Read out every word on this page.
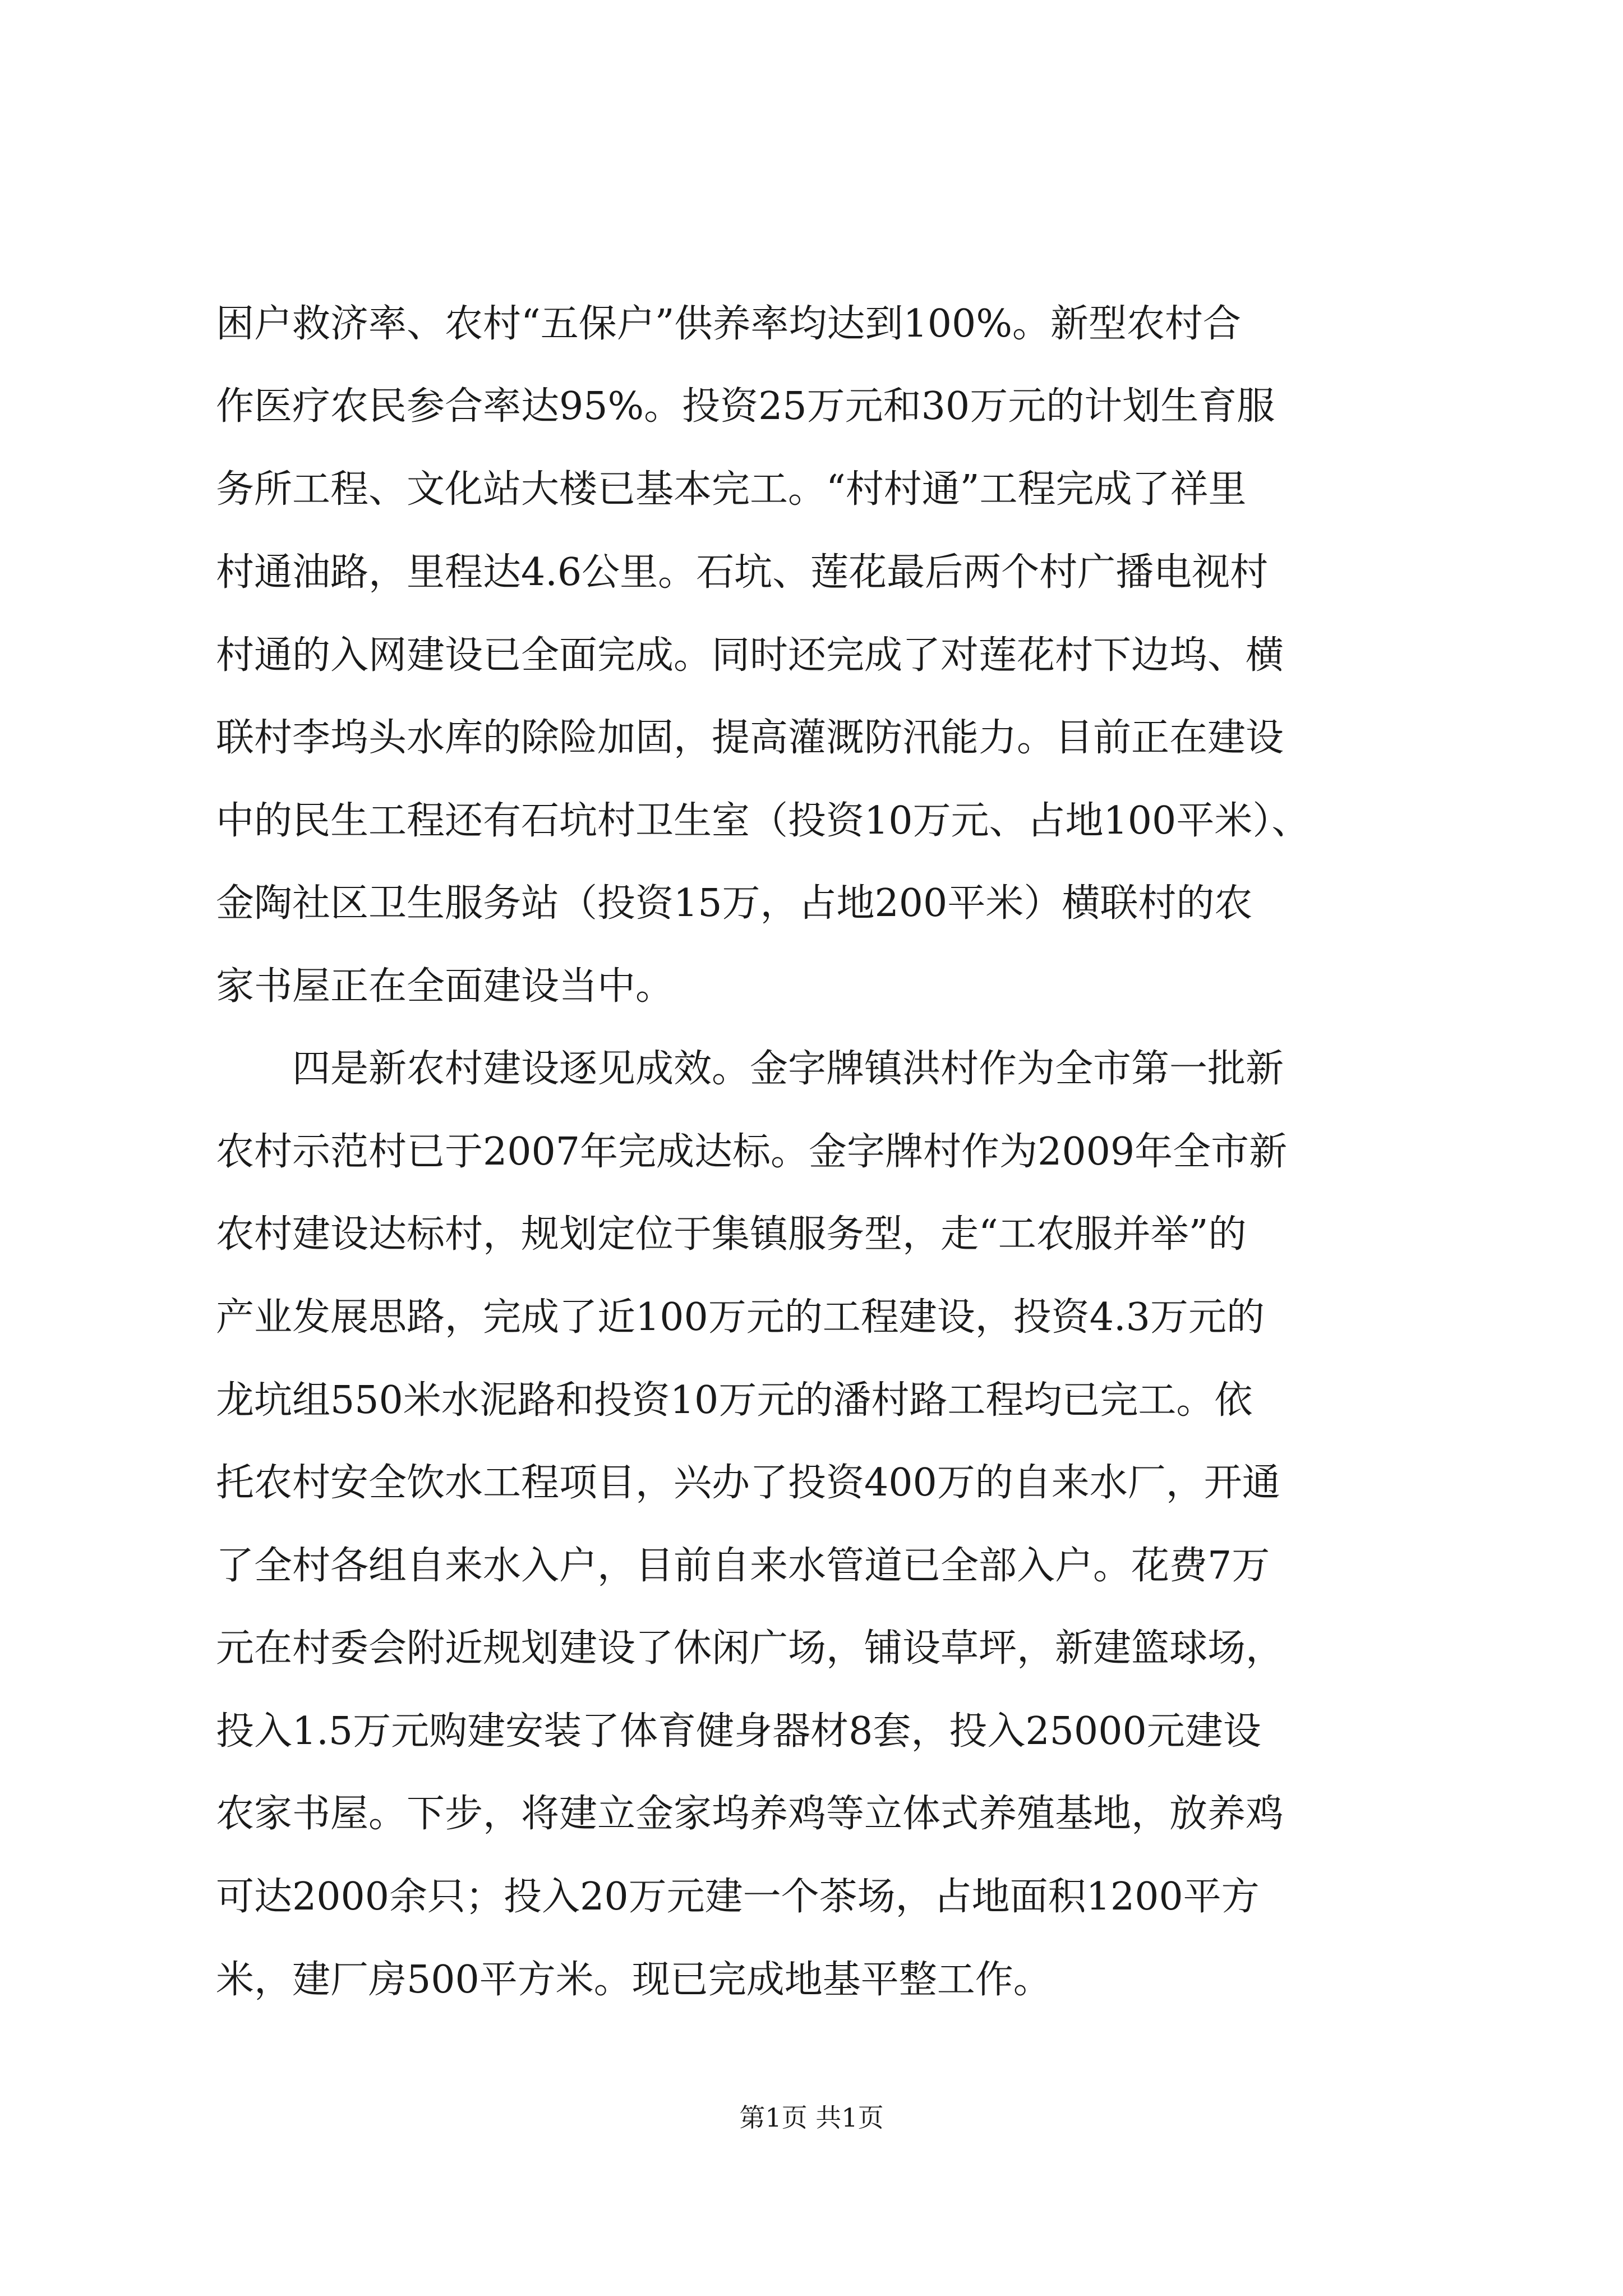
困户救济率、农村“五保户”供养率均达到100%。新型农村合
作医疗农民参合率达95%。投资25万元和30万元的计划生育服
务所工程、文化站大楼已基本完工。“村村通”工程完成了祥里
村通油路，里程达4.6公里。石坑、莲花最后两个村广播电视村
村通的入网建设已全面完成。同时还完成了对莲花村下边坞、横
联村李坞头水库的除险加固，提高灌溉防汛能力。目前正在建设
中的民生工程还有石坑村卫生室（投资10万元、占地100平米）、
金陶社区卫生服务站（投资15万，占地200平米）横联村的农
家书屋正在全面建设当中。
　　四是新农村建设逐见成效。金字牌镇洪村作为全市第一批新
农村示范村已于2007年完成达标。金字牌村作为2009年全市新
农村建设达标村，规划定位于集镇服务型，走“工农服并举”的
产业发展思路，完成了近100万元的工程建设，投资4.3万元的
龙坑组550米水泥路和投资10万元的潘村路工程均已完工。依
托农村安全饮水工程项目，兴办了投资400万的自来水厂，开通
了全村各组自来水入户，目前自来水管道已全部入户。花费7万
元在村委会附近规划建设了休闲广场，铺设草坪，新建篮球场，
投入1.5万元购建安装了体育健身器材8套，投入25000元建设
农家书屋。下步，将建立金家坞养鸡等立体式养殖基地，放养鸡
可达2000余只；投入20万元建一个茶场，占地面积1200平方
米，建厂房500平方米。现已完成地基平整工作。
第1页 共1页
